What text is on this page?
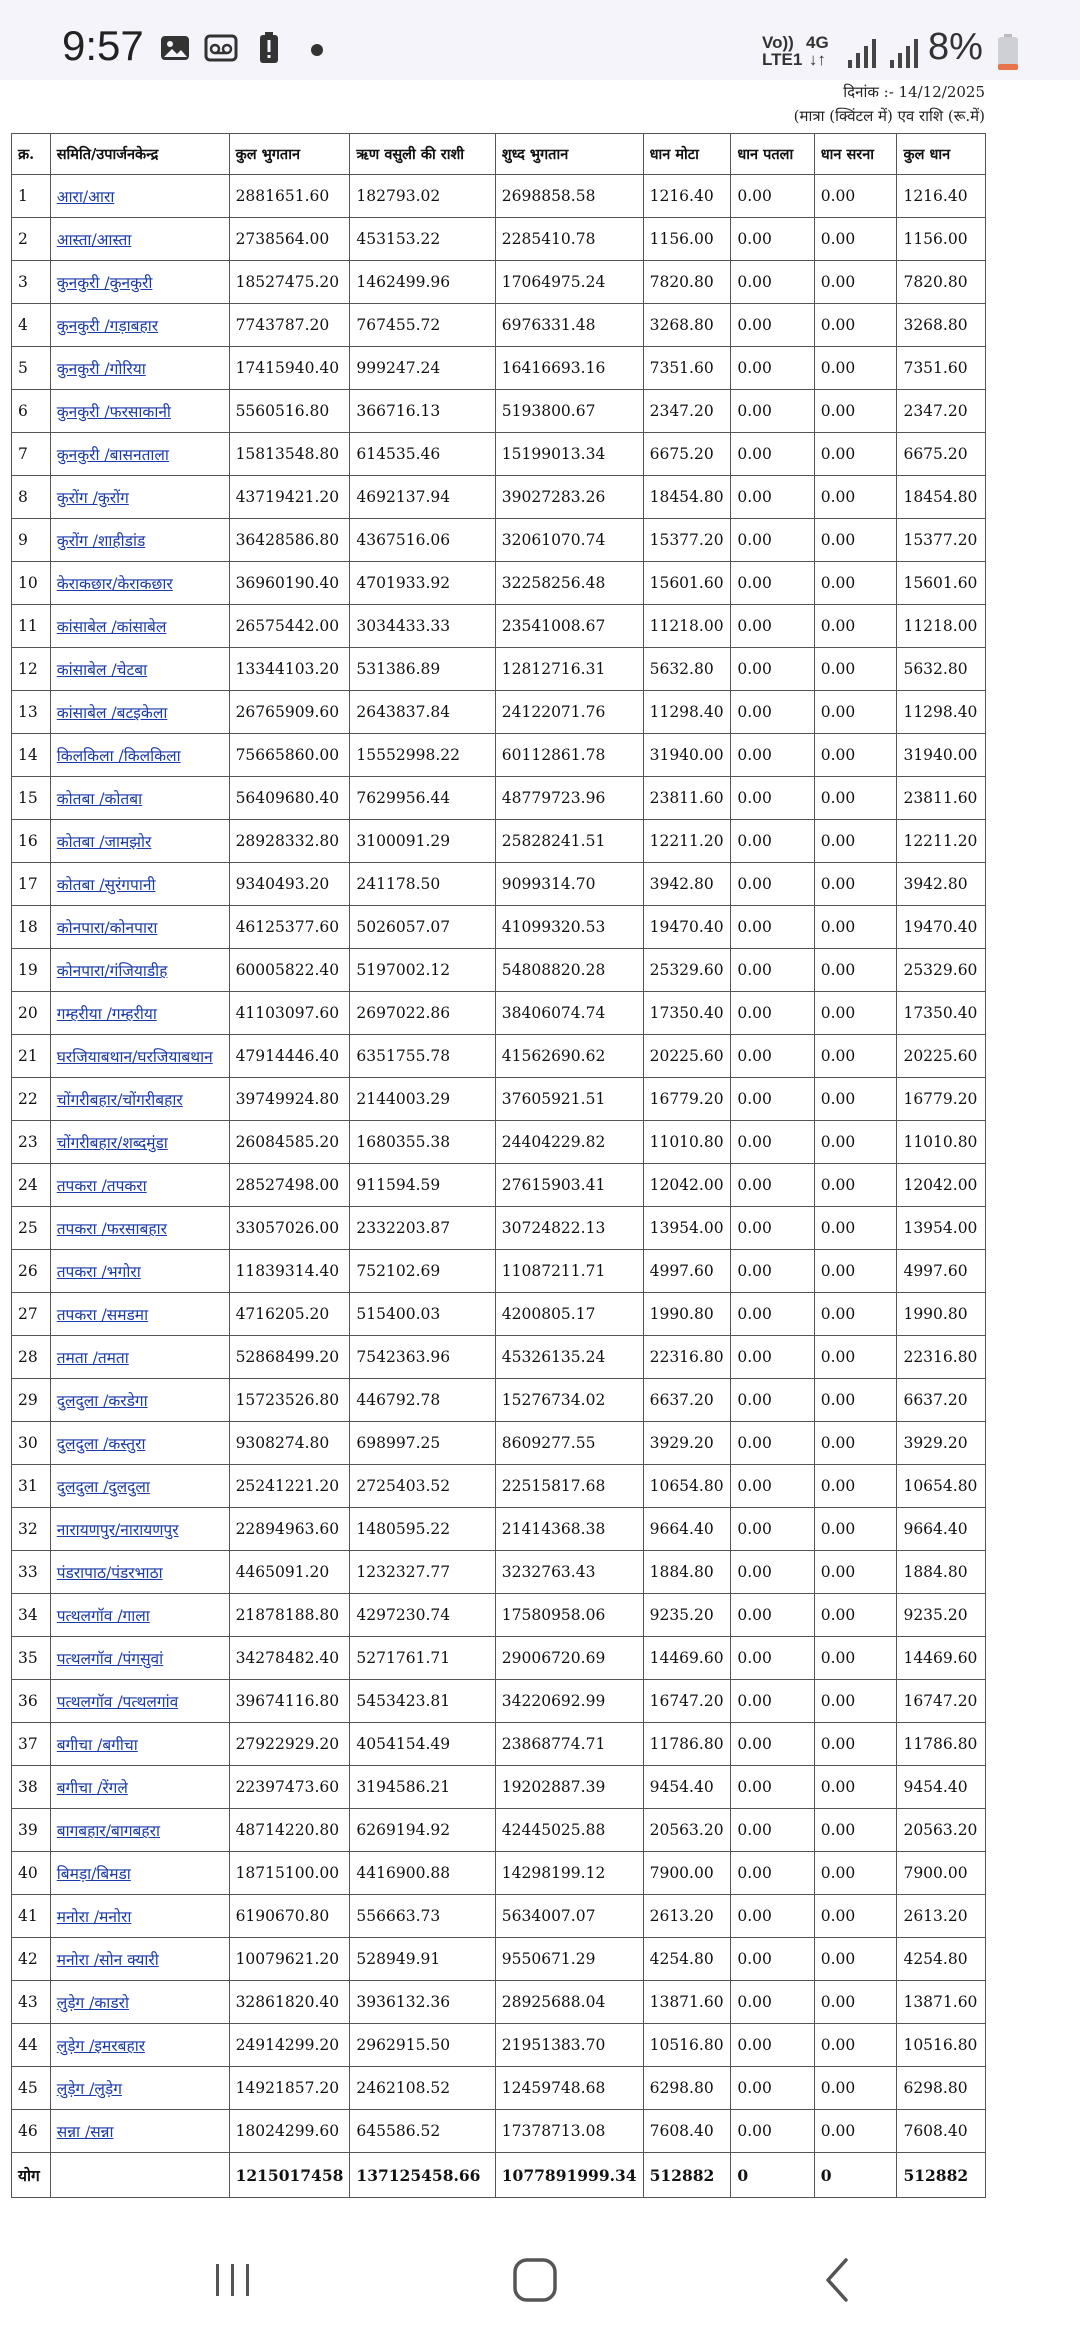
9:57	Vo))
LTE1
4G
↓↑	8%
दिनांक :- 14/12/2025
(मात्रा (क्विंटल में) एव राशि (रू.में)
क्र.	समिति/उपार्जनकेन्द्र	कुल भुगतान	ऋण वसुली की राशी	शुध्द भुगतान	धान मोटा	धान पतला	धान सरना	कुल धान
1	आरा/आरा	2881651.60	182793.02	2698858.58	1216.40	0.00	0.00	1216.40
2	आस्ता/आस्ता	2738564.00	453153.22	2285410.78	1156.00	0.00	0.00	1156.00
3	कुनकुरी /कुनकुरी	18527475.20	1462499.96	17064975.24	7820.80	0.00	0.00	7820.80
4	कुनकुरी /गड़ाबहार	7743787.20	767455.72	6976331.48	3268.80	0.00	0.00	3268.80
5	कुनकुरी /गोरिया	17415940.40	999247.24	16416693.16	7351.60	0.00	0.00	7351.60
6	कुनकुरी /फरसाकानी	5560516.80	366716.13	5193800.67	2347.20	0.00	0.00	2347.20
7	कुनकुरी /बासनताला	15813548.80	614535.46	15199013.34	6675.20	0.00	0.00	6675.20
8	कुरोंग /कुरोंग	43719421.20	4692137.94	39027283.26	18454.80	0.00	0.00	18454.80
9	कुरोंग /शाहीडांड	36428586.80	4367516.06	32061070.74	15377.20	0.00	0.00	15377.20
10	केराकछार/केराकछार	36960190.40	4701933.92	32258256.48	15601.60	0.00	0.00	15601.60
11	कांसाबेल /कांसाबेल	26575442.00	3034433.33	23541008.67	11218.00	0.00	0.00	11218.00
12	कांसाबेल /चेटबा	13344103.20	531386.89	12812716.31	5632.80	0.00	0.00	5632.80
13	कांसाबेल /बटइकेला	26765909.60	2643837.84	24122071.76	11298.40	0.00	0.00	11298.40
14	किलकिला /किलकिला	75665860.00	15552998.22	60112861.78	31940.00	0.00	0.00	31940.00
15	कोतबा /कोतबा	56409680.40	7629956.44	48779723.96	23811.60	0.00	0.00	23811.60
16	कोतबा /जामझोर	28928332.80	3100091.29	25828241.51	12211.20	0.00	0.00	12211.20
17	कोतबा /सुरंगपानी	9340493.20	241178.50	9099314.70	3942.80	0.00	0.00	3942.80
18	कोनपारा/कोनपारा	46125377.60	5026057.07	41099320.53	19470.40	0.00	0.00	19470.40
19	कोनपारा/गंजियाडीह	60005822.40	5197002.12	54808820.28	25329.60	0.00	0.00	25329.60
20	गम्हरीया /गम्हरीया	41103097.60	2697022.86	38406074.74	17350.40	0.00	0.00	17350.40
21	घरजियाबथान/घरजियाबथान	47914446.40	6351755.78	41562690.62	20225.60	0.00	0.00	20225.60
22	चोंगरीबहार/चोंगरीबहार	39749924.80	2144003.29	37605921.51	16779.20	0.00	0.00	16779.20
23	चोंगरीबहार/शब्दमुंडा	26084585.20	1680355.38	24404229.82	11010.80	0.00	0.00	11010.80
24	तपकरा /तपकरा	28527498.00	911594.59	27615903.41	12042.00	0.00	0.00	12042.00
25	तपकरा /फरसाबहार	33057026.00	2332203.87	30724822.13	13954.00	0.00	0.00	13954.00
26	तपकरा /भगोरा	11839314.40	752102.69	11087211.71	4997.60	0.00	0.00	4997.60
27	तपकरा /समडमा	4716205.20	515400.03	4200805.17	1990.80	0.00	0.00	1990.80
28	तमता /तमता	52868499.20	7542363.96	45326135.24	22316.80	0.00	0.00	22316.80
29	दुलदुला /करडेगा	15723526.80	446792.78	15276734.02	6637.20	0.00	0.00	6637.20
30	दुलदुला /कस्तुरा	9308274.80	698997.25	8609277.55	3929.20	0.00	0.00	3929.20
31	दुलदुला /दुलदुला	25241221.20	2725403.52	22515817.68	10654.80	0.00	0.00	10654.80
32	नारायणपुर/नारायणपुर	22894963.60	1480595.22	21414368.38	9664.40	0.00	0.00	9664.40
33	पंडरापाठ/पंडरभाठा	4465091.20	1232327.77	3232763.43	1884.80	0.00	0.00	1884.80
34	पत्थलगॉव /गाला	21878188.80	4297230.74	17580958.06	9235.20	0.00	0.00	9235.20
35	पत्थलगॉव /पंगसुवां	34278482.40	5271761.71	29006720.69	14469.60	0.00	0.00	14469.60
36	पत्थलगॉव /पत्थलगांव	39674116.80	5453423.81	34220692.99	16747.20	0.00	0.00	16747.20
37	बगीचा /बगीचा	27922929.20	4054154.49	23868774.71	11786.80	0.00	0.00	11786.80
38	बगीचा /रेंगले	22397473.60	3194586.21	19202887.39	9454.40	0.00	0.00	9454.40
39	बागबहार/बागबहरा	48714220.80	6269194.92	42445025.88	20563.20	0.00	0.00	20563.20
40	बिमड़ा/बिमडा	18715100.00	4416900.88	14298199.12	7900.00	0.00	0.00	7900.00
41	मनोरा /मनोरा	6190670.80	556663.73	5634007.07	2613.20	0.00	0.00	2613.20
42	मनोरा /सोन क्यारी	10079621.20	528949.91	9550671.29	4254.80	0.00	0.00	4254.80
43	लुड़ेग /काडरो	32861820.40	3936132.36	28925688.04	13871.60	0.00	0.00	13871.60
44	लुड़ेग /इमरबहार	24914299.20	2962915.50	21951383.70	10516.80	0.00	0.00	10516.80
45	लुड़ेग /लुड़ेग	14921857.20	2462108.52	12459748.68	6298.80	0.00	0.00	6298.80
46	सन्ना /सन्ना	18024299.60	645586.52	17378713.08	7608.40	0.00	0.00	7608.40
योग		1215017458	137125458.66	1077891999.34	512882	0	0	512882
